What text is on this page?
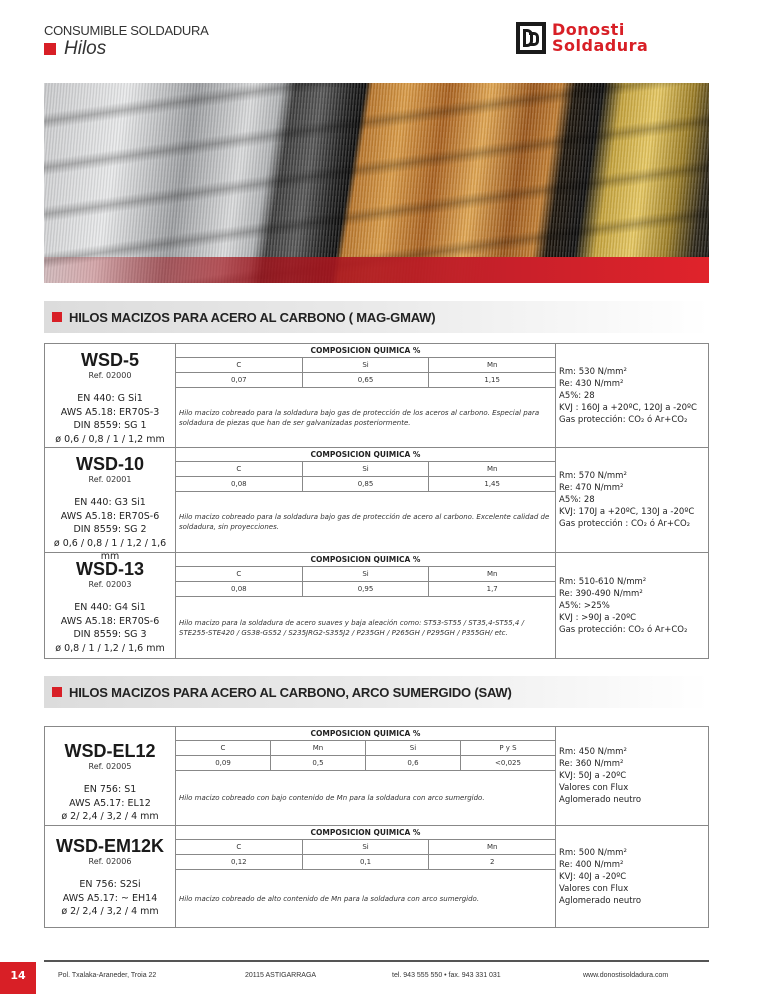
CONSUMIBLE SOLDADURA
Hilos
Donosti
Soldadura
HILOS MACIZOS PARA ACERO AL CARBONO ( MAG-GMAW)
WSD-5
Ref. 02000
EN 440: G Si1
AWS A5.18: ER70S-3
DIN 8559: SG 1
ø 0,6 / 0,8 / 1 / 1,2 mm
COMPOSICION QUIMICA %
C	Si	Mn
0,07	0,65	1,15
Hilo macizo cobreado para la soldadura bajo gas de protección de los aceros al carbono. Especial para soldadura de piezas que han de ser galvanizadas posteriormente.
Rm: 530 N/mm²
Re: 430 N/mm²
A5%: 28
KVJ : 160J a +20ºC, 120J a -20ºC
Gas protección: CO₂ ó Ar+CO₂
WSD-10
Ref. 02001
EN 440: G3 Si1
AWS A5.18: ER70S-6
DIN 8559: SG 2
ø 0,6 / 0,8 / 1 / 1,2 / 1,6 mm
COMPOSICION QUIMICA %
C	Si	Mn
0,08	0,85	1,45
Hilo macizo cobreado para la soldadura bajo gas de protección de acero al carbono. Excelente calidad de soldadura, sin proyecciones.
Rm: 570 N/mm²
Re: 470 N/mm²
A5%: 28
KVJ: 170J a +20ºC, 130J a -20ºC
Gas protección : CO₂ ó Ar+CO₂
WSD-13
Ref. 02003
EN 440: G4 Si1
AWS A5.18: ER70S-6
DIN 8559: SG 3
ø 0,8 / 1 / 1,2 / 1,6 mm
COMPOSICION QUIMICA %
C	Si	Mn
0,08	0,95	1,7
Hilo macizo para la soldadura de acero suaves y baja aleación como: ST53-ST55 / ST35,4-ST55,4 / STE255-STE420 / GS38-GS52 / S235JRG2-S355J2 / P235GH / P265GH / P295GH / P355GH/ etc.
Rm: 510-610 N/mm²
Re: 390-490 N/mm²
A5%: >25%
KVJ : >90J a -20ºC
Gas protección: CO₂ ó Ar+CO₂
HILOS MACIZOS PARA ACERO AL CARBONO, ARCO SUMERGIDO (SAW)
WSD-EL12
Ref. 02005
EN 756: S1
AWS A5.17: EL12
ø 2/ 2,4 / 3,2 / 4 mm
COMPOSICION QUIMICA %
C	Mn	Si	P y S
0,09	0,5	0,6	<0,025
Hilo macizo cobreado con bajo contenido de Mn para la soldadura con arco sumergido.
Rm: 450 N/mm²
Re: 360 N/mm²
KVJ: 50J a -20ºC
Valores con Flux
Aglomerado neutro
WSD-EM12K
Ref. 02006
EN 756: S2Si
AWS A5.17: ~ EH14
ø 2/ 2,4 / 3,2 / 4 mm
COMPOSICION QUIMICA %
C	Si	Mn
0,12	0,1	2
Hilo macizo cobreado de alto contenido de Mn para la soldadura con arco sumergido.
Rm: 500 N/mm²
Re: 400 N/mm²
KVJ: 40J a -20ºC
Valores con Flux
Aglomerado neutro
14	Pol. Txalaka-Araneder, Troia 22	20115 ASTIGARRAGA	tel. 943 555 550 • fax. 943 331 031	www.donostisoldadura.com
